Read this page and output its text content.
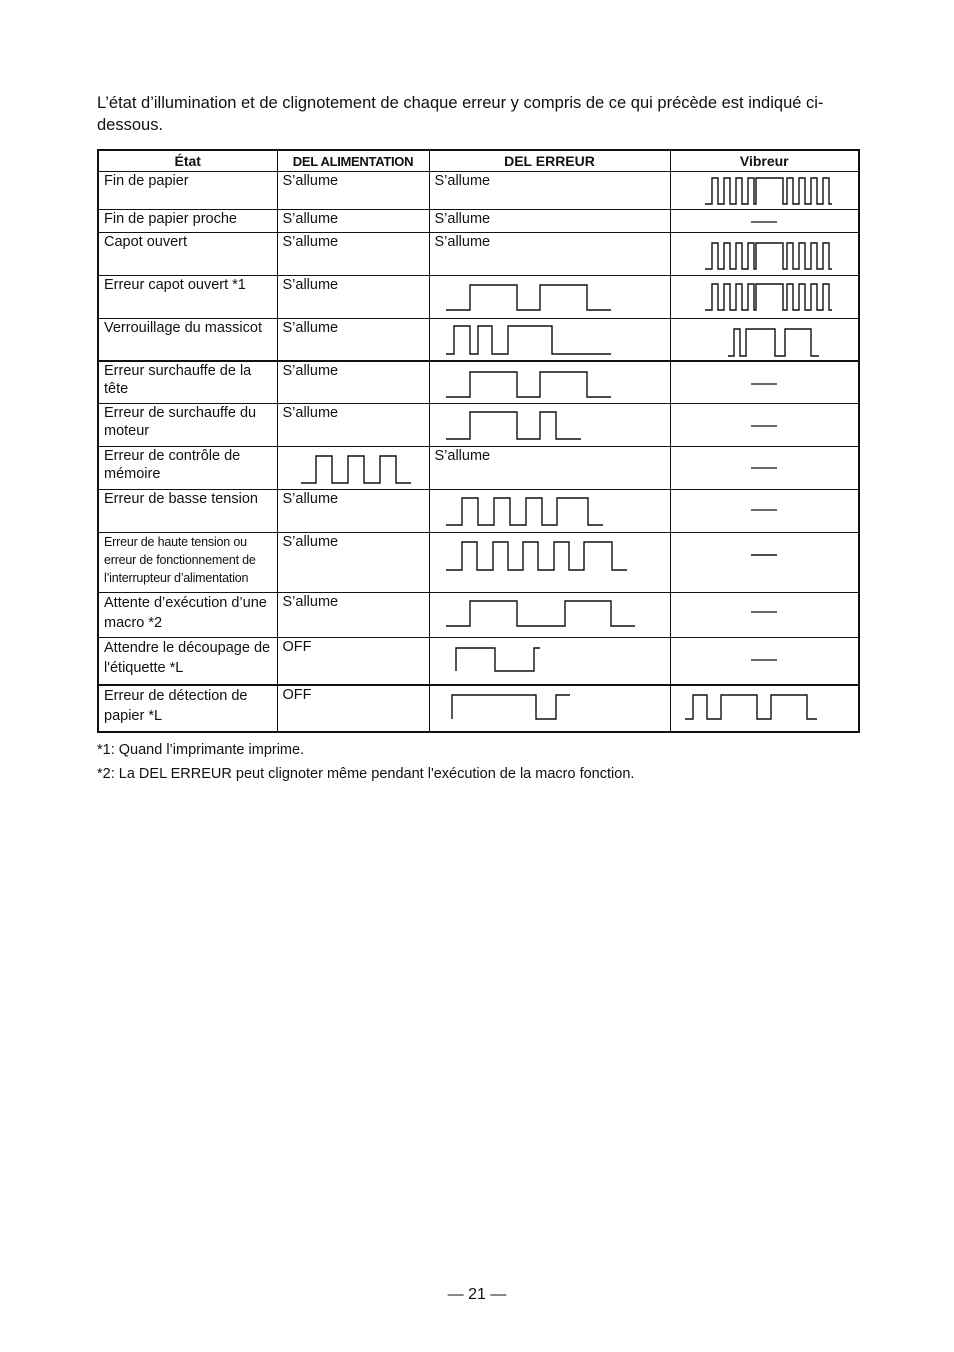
L’état d’illumination et de clignotement de chaque erreur y compris de ce qui précède est indiqué ci-dessous.
État	DEL ALIMENTATION	DEL ERREUR	Vibreur

Fin de papier	S’allume	S’allume

Fin de papier proche	S’allume	S’allume

Capot ouvert	S’allume	S’allume

Erreur capot ouvert *1	S’allume

Verrouillage du massicot	S’allume

Erreur surchauffe de la tête	S’allume

Erreur de surchauffe du moteur	S’allume

Erreur de contrôle de mémoire		S’allume

Erreur de basse tension	S’allume

Erreur de haute tension ou erreur de fonctionnement de l’interrupteur d’alimentation	S’allume

Attente d’exécution d’une macro *2	S’allume

Attendre le découpage de l'étiquette *L	OFF

Erreur de détection de papier *L	OFF

*1: Quand l’imprimante imprime.
*2: La DEL ERREUR peut clignoter même pendant l'exécution de la macro fonction.
— 21 —
